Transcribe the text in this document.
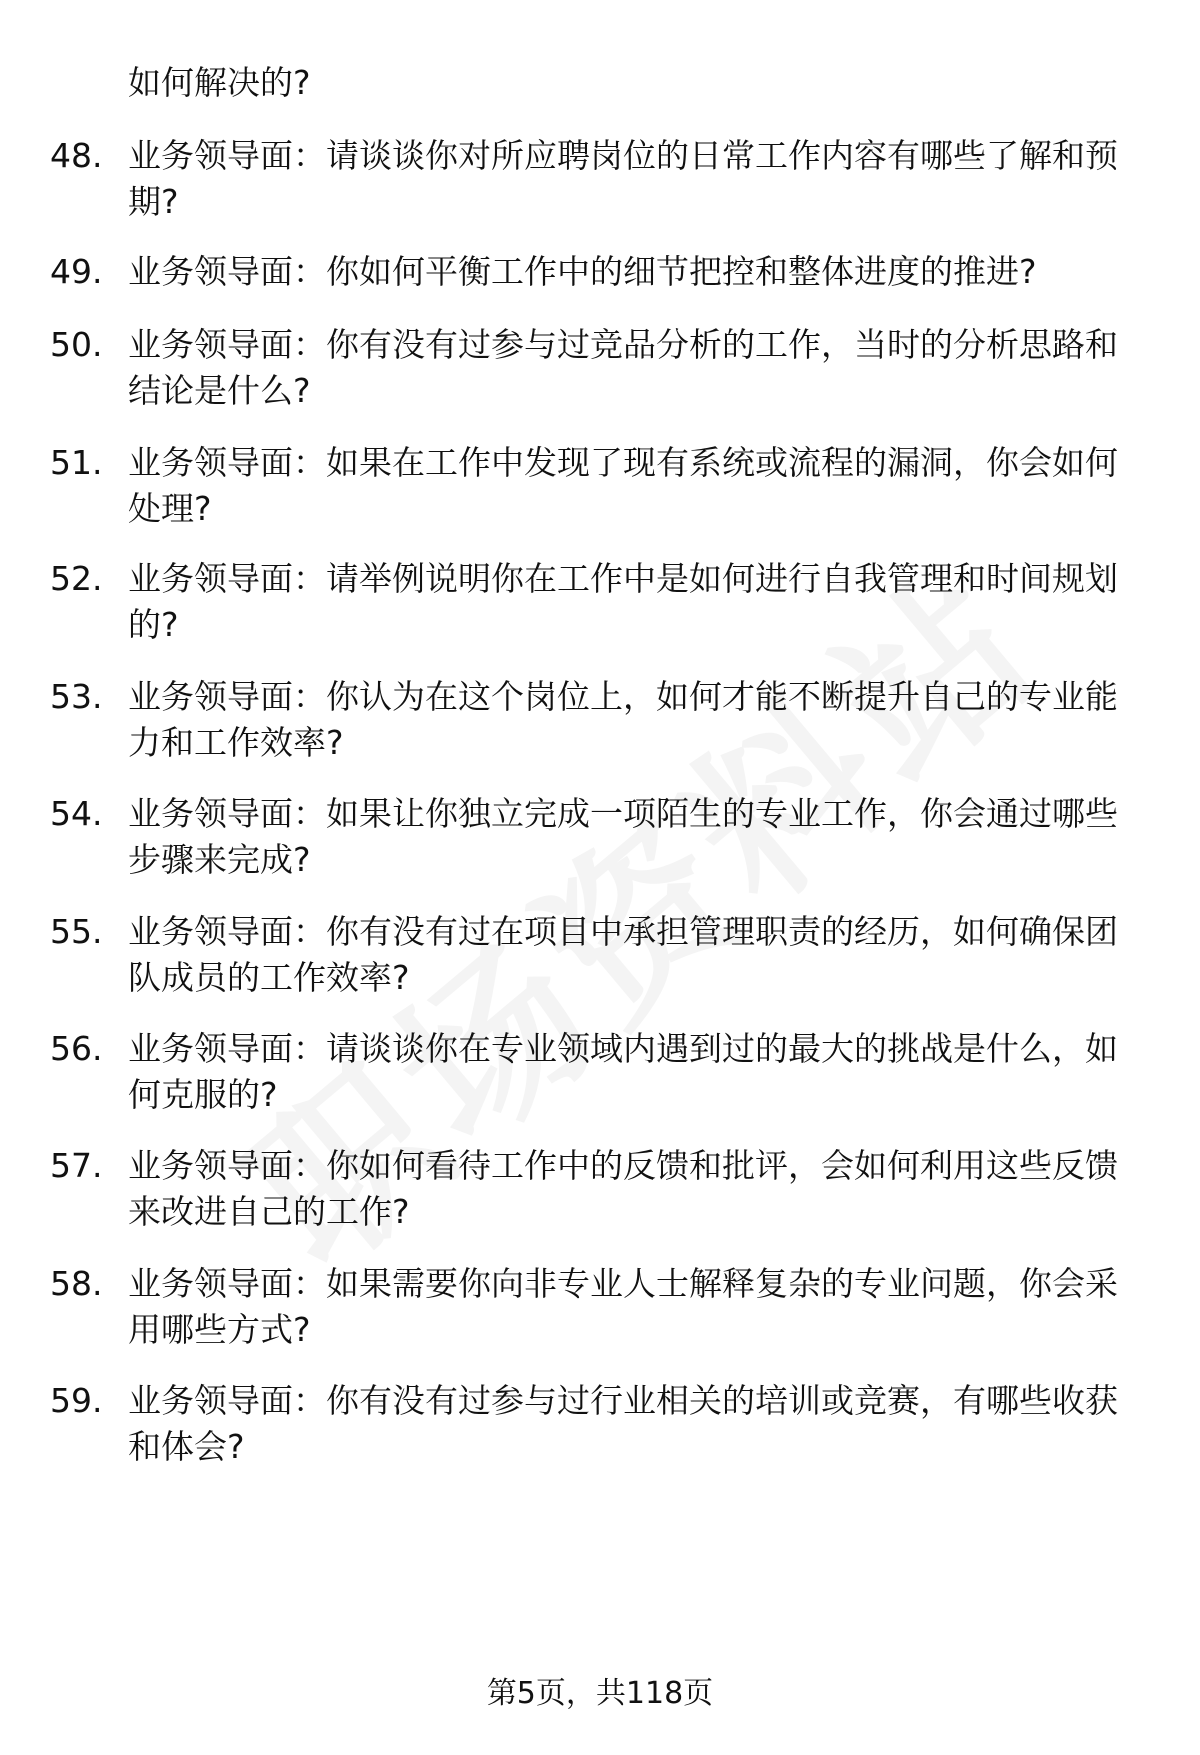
如何解决的?
48. 业务领导面：请谈谈你对所应聘岗位的日常工作内容有哪些了解和预期?
49. 业务领导面：你如何平衡工作中的细节把控和整体进度的推进?
50. 业务领导面：你有没有过参与过竞品分析的工作，当时的分析思路和结论是什么?
51. 业务领导面：如果在工作中发现了现有系统或流程的漏洞，你会如何处理?
52. 业务领导面：请举例说明你在工作中是如何进行自我管理和时间规划的?
53. 业务领导面：你认为在这个岗位上，如何才能不断提升自己的专业能力和工作效率?
54. 业务领导面：如果让你独立完成一项陌生的专业工作，你会通过哪些步骤来完成?
55. 业务领导面：你有没有过在项目中承担管理职责的经历，如何确保团队成员的工作效率?
56. 业务领导面：请谈谈你在专业领域内遇到过的最大的挑战是什么，如何克服的?
57. 业务领导面：你如何看待工作中的反馈和批评，会如何利用这些反馈来改进自己的工作?
58. 业务领导面：如果需要你向非专业人士解释复杂的专业问题，你会采用哪些方式?
59. 业务领导面：你有没有过参与过行业相关的培训或竞赛，有哪些收获和体会?
第5页，共118页
